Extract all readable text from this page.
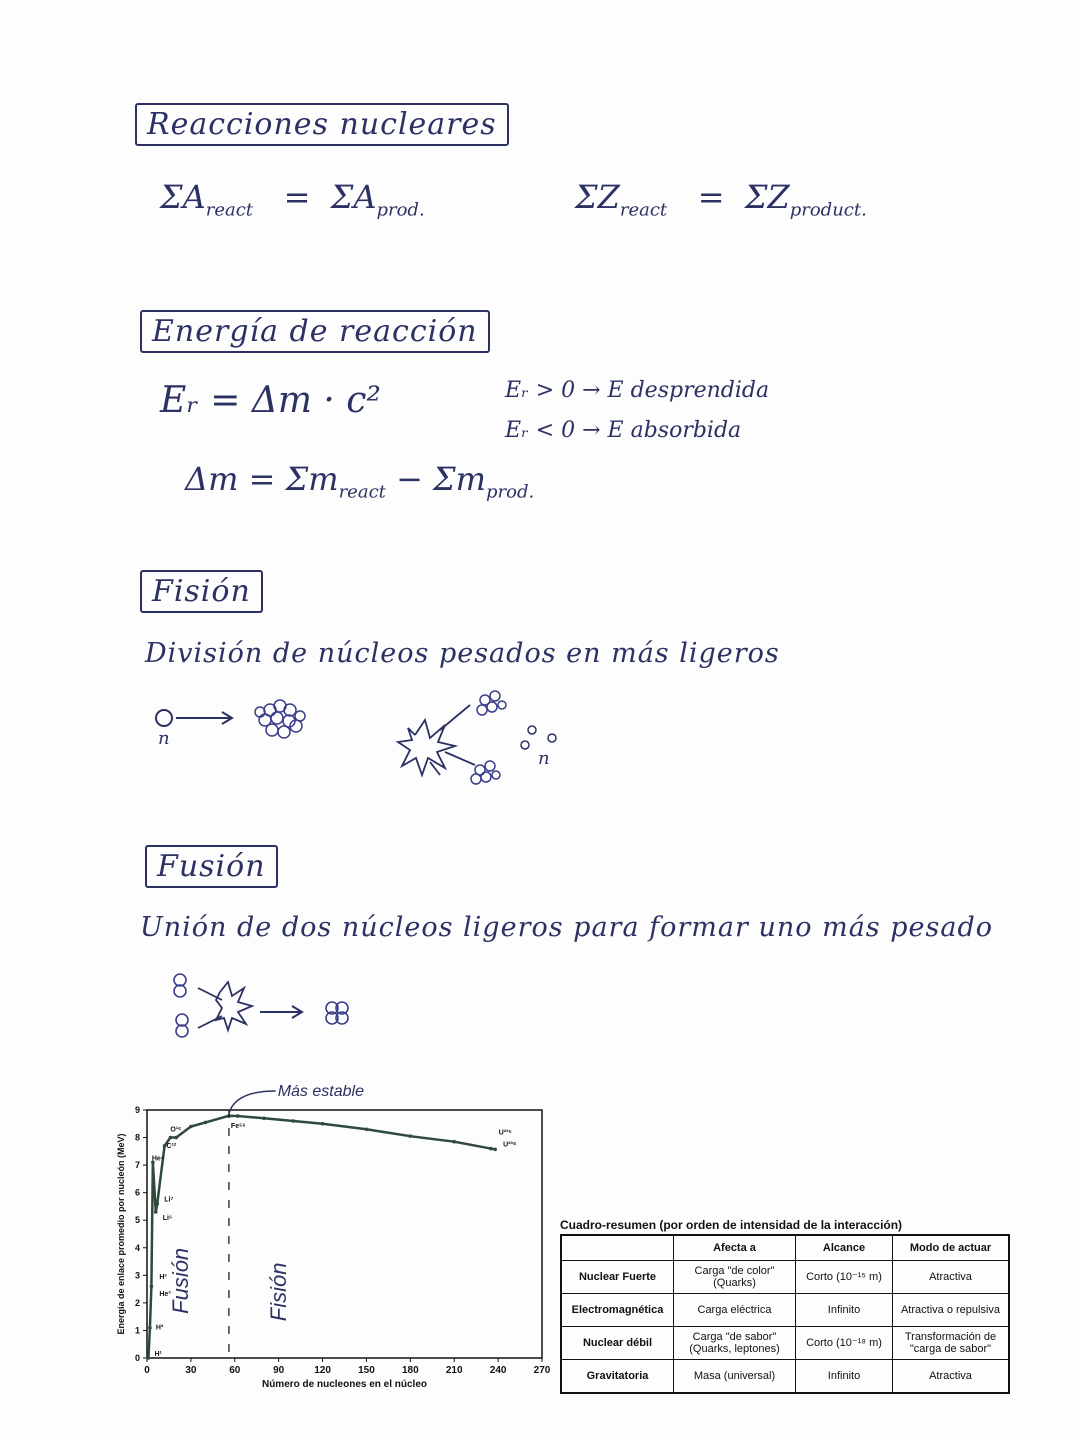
Reacciones nucleares
$\Sigma A_{react} = \Sigma A_{prod.}$	$\Sigma Z_{react} = \Sigma Z_{product.}$
Energía de reacción
Eᵣ = Δm · c²	Eᵣ > 0 → E desprendida
Eᵣ < 0 → E absorbida
$\Delta m = \Sigma m_{react} - \Sigma m_{prod.}$
Fisión
División de núcleos pesados en más ligeros
n
n
Fusión
Unión de dos núcleos ligeros para formar uno más pesado
0	30	60	90	120	150	180	210	240	270
0
1
2
3
4
5
6
7
8
9
Número de nucleones en el núcleo
Energía de enlace promedio por nucleón (MeV)
H¹
H²
H³
He³
He⁴
Li⁷
Li⁶
C¹²
O¹⁶
Fe⁵⁶
U²³⁵
U²³⁸
Fusión	Fisión
Más estable
Cuadro-resumen (por orden de intensidad de la interacción)
	Afecta a	Alcance	Modo de actuar
Nuclear Fuerte	Carga "de color" (Quarks)	Corto (10⁻¹⁵ m)	Atractiva
Electromagnética	Carga eléctrica	Infinito	Atractiva o repulsiva
Nuclear débil	Carga "de sabor" (Quarks, leptones)	Corto (10⁻¹⁸ m)	Transformación de "carga de sabor"
Gravitatoria	Masa (universal)	Infinito	Atractiva
